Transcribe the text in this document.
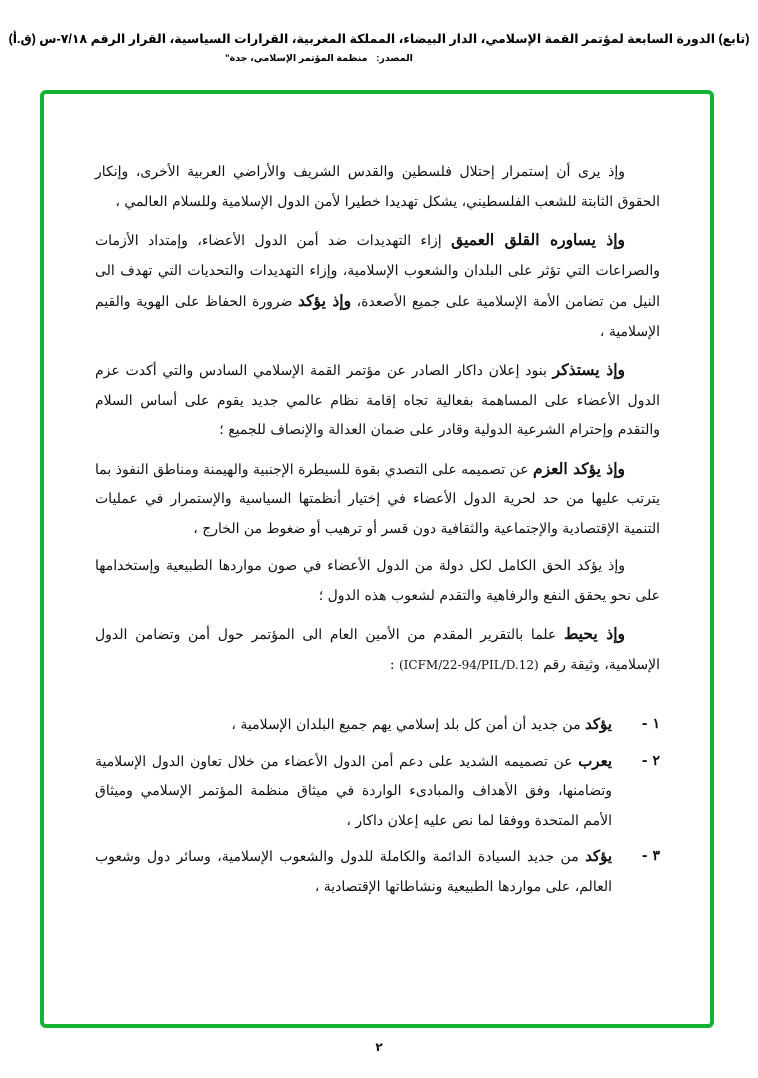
(تابع) الدورة السابعة لمؤتمر القمة الإسلامي، الدار البيضاء، المملكة المغربية، القرارات السياسية، القرار الرقم ٧/١٨-س (ق.أ)
المصدر: منظمة المؤتمر الإسلامي، جدة"

وإذ يرى أن إستمرار إحتلال فلسطين والقدس الشريف والأراضي العربية الأخرى، وإنكار الحقوق الثابتة للشعب الفلسطيني، يشكل تهديدا خطيرا لأمن الدول الإسلامية وللسلام العالمي ،

وإذ يساوره القلق العميق إزاء التهديدات ضد أمن الدول الأعضاء، وإمتداد الأزمات والصراعات التي تؤثر على البلدان والشعوب الإسلامية، وإزاء التهديدات والتحديات التي تهدف الى النيل من تضامن الأمة الإسلامية على جميع الأصعدة، وإذ يؤكد ضرورة الحفاظ على الهوية والقيم الإسلامية ،

وإذ يستذكر بنود إعلان داكار الصادر عن مؤتمر القمة الإسلامي السادس والتي أكدت عزم الدول الأعضاء على المساهمة بفعالية تجاه إقامة نظام عالمي جديد يقوم على أساس السلام والتقدم وإحترام الشرعية الدولية وقادر على ضمان العدالة والإنصاف للجميع ؛

وإذ يؤكد العزم عن تصميمه على التصدي بقوة للسيطرة الإجنبية والهيمنة ومناطق النفوذ بما يترتب عليها من حد لحرية الدول الأعضاء في إختيار أنظمتها السياسية والإستمرار في عمليات التنمية الإقتصادية والإجتماعية والثقافية دون قسر أو ترهيب أو ضغوط من الخارج ،

وإذ يؤكد الحق الكامل لكل دولة من الدول الأعضاء في صون مواردها الطبيعية وإستخدامها على نحو يحقق النفع والرفاهية والتقدم لشعوب هذه الدول ؛

وإذ يحيط علما بالتقرير المقدم من الأمين العام الى المؤتمر حول أمن وتضامن الدول الإسلامية، وثيقة رقم (ICFM/22-94/PIL/D.12) :

١ -
يؤكد من جديد أن أمن كل بلد إسلامي يهم جميع البلدان الإسلامية ،

٢ -
يعرب عن تصميمه الشديد على دعم أمن الدول الأعضاء من خلال تعاون الدول الإسلامية وتضامنها، وفق الأهداف والمبادىء الواردة في ميثاق منظمة المؤتمر الإسلامي وميثاق الأمم المتحدة ووفقا لما نص عليه إعلان داكار ،

٣ -
يؤكد من جديد السيادة الدائمة والكاملة للدول والشعوب الإسلامية، وسائر دول وشعوب العالم، على مواردها الطبيعية ونشاطاتها الإقتصادية ،

٢
